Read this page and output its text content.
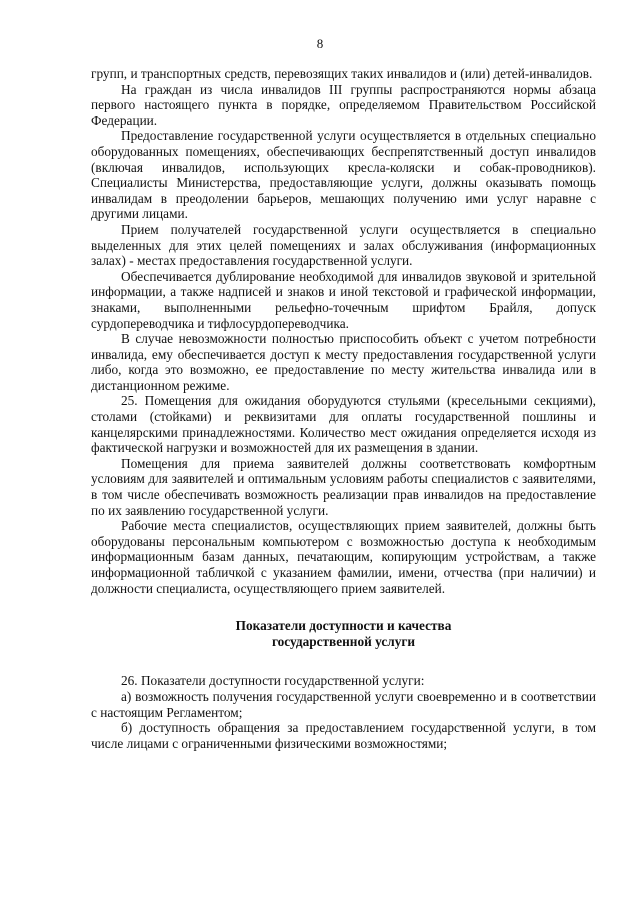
8

групп, и транспортных средств, перевозящих таких инвалидов и (или) детей-инвалидов.

На граждан из числа инвалидов III группы распространяются нормы абзаца первого настоящего пункта в порядке, определяемом Правительством Российской Федерации.

Предоставление государственной услуги осуществляется в отдельных специально оборудованных помещениях, обеспечивающих беспрепятственный доступ инвалидов (включая инвалидов, использующих кресла-коляски и собак-проводников). Специалисты Министерства, предоставляющие услуги, должны оказывать помощь инвалидам в преодолении барьеров, мешающих получению ими услуг наравне с другими лицами.

Прием получателей государственной услуги осуществляется в специально выделенных для этих целей помещениях и залах обслуживания (информационных залах) - местах предоставления государственной услуги.

Обеспечивается дублирование необходимой для инвалидов звуковой и зрительной информации, а также надписей и знаков и иной текстовой и графической информации, знаками, выполненными рельефно-точечным шрифтом Брайля, допуск сурдопереводчика и тифлосурдопереводчика.

В случае невозможности полностью приспособить объект с учетом потребности инвалида, ему обеспечивается доступ к месту предоставления государственной услуги либо, когда это возможно, ее предоставление по месту жительства инвалида или в дистанционном режиме.

25. Помещения для ожидания оборудуются стульями (кресельными секциями), столами (стойками) и реквизитами для оплаты государственной пошлины и канцелярскими принадлежностями. Количество мест ожидания определяется исходя из фактической нагрузки и возможностей для их размещения в здании.

Помещения для приема заявителей должны соответствовать комфортным условиям для заявителей и оптимальным условиям работы специалистов с заявителями, в том числе обеспечивать возможность реализации прав инвалидов на предоставление по их заявлению государственной услуги.

Рабочие места специалистов, осуществляющих прием заявителей, должны быть оборудованы персональным компьютером с возможностью доступа к необходимым информационным базам данных, печатающим, копирующим устройствам, а также информационной табличкой с указанием фамилии, имени, отчества (при наличии) и должности специалиста, осуществляющего прием заявителей.

Показатели доступности и качества
государственной услуги

26. Показатели доступности государственной услуги:

а) возможность получения государственной услуги своевременно и в соответствии с настоящим Регламентом;

б) доступность обращения за предоставлением государственной услуги, в том числе лицами с ограниченными физическими возможностями;
